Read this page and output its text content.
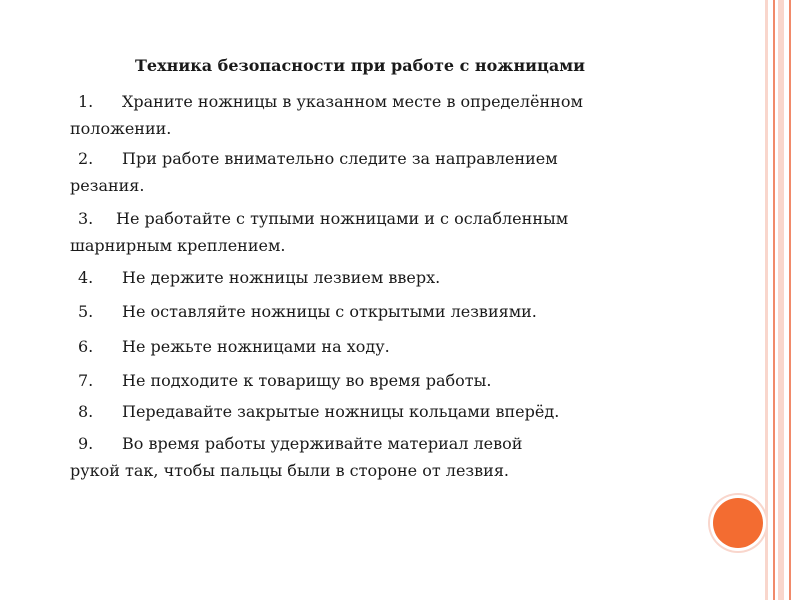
Техника безопасности при работе с ножницами
1. Храните ножницы в указанном месте в определённом
положении.
2. При работе внимательно следите за направлением
резания.
3. Не работайте с тупыми ножницами и с ослабленным
шарнирным креплением.
4. Не держите ножницы лезвием вверх.
5. Не оставляйте ножницы с открытыми лезвиями.
6. Не режьте ножницами на ходу.
7. Не подходите к товарищу во время работы.
8. Передавайте закрытые ножницы кольцами вперёд.
9. Во время работы удерживайте материал левой
рукой так, чтобы пальцы были в стороне от лезвия.
